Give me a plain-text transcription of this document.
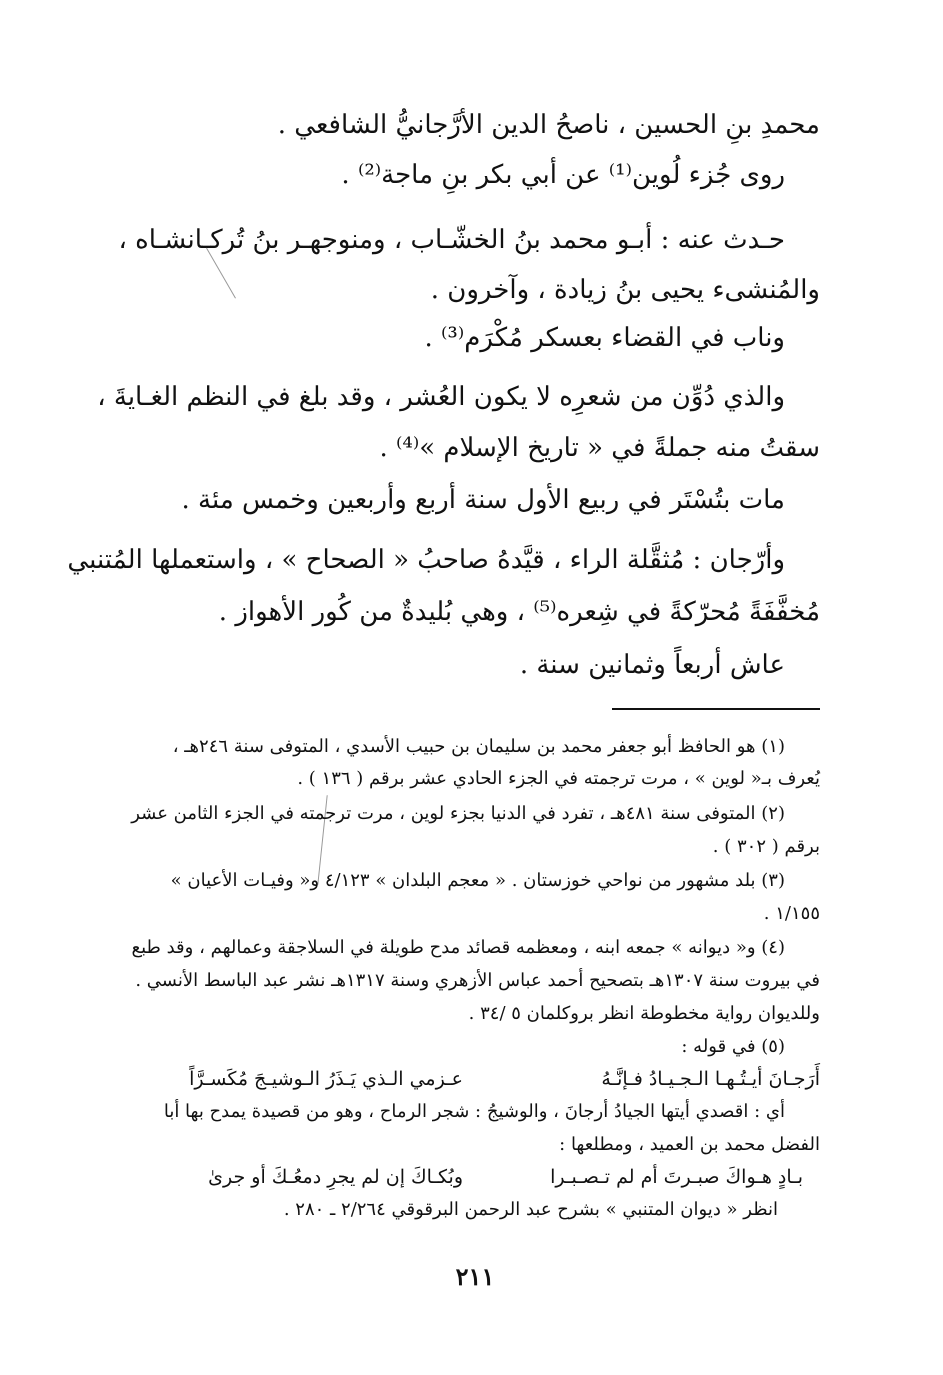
محمدِ بنِ الحسين ، ناصحُ الدين الأرَّجانيُّ الشافعي .
روى جُزء لُوين⁽¹⁾ عن أبي بكر بنِ ماجة⁽²⁾ .
حـدث عنه : أبـو محمد بنُ الخشّـاب ، ومنوجهـر بنُ تُركـانشـاه ،
والمُنشىء يحيى بنُ زيادة ، وآخرون .
وناب في القضاء بعسكر مُكْرَم⁽³⁾ .
والذي دُوِّن من شعرِه لا يكون العُشر ، وقد بلغ في النظم الغـايةَ ،
سقتُ منه جملةً في « تاريخ الإسلام »⁽⁴⁾ .
مات بتُسْتَر في ربيع الأول سنة أربع وأربعين وخمس مئة .
وأرّجان : مُثقَّلة الراء ، قيَّدهُ صاحبُ « الصحاح » ، واستعملها المُتنبي
مُخفَّفَةً مُحرّكةً في شِعره⁽⁵⁾ ، وهي بُليدةٌ من كُور الأهواز .
عاش أربعاً وثمانين سنة .
(١) هو الحافظ أبو جعفر محمد بن سليمان بن حبيب الأسدي ، المتوفى سنة ٢٤٦هـ ،
يُعرف بـ« لوين » ، مرت ترجمته في الجزء الحادي عشر برقم ( ١٣٦ ) .
(٢) المتوفى سنة ٤٨١هـ ، تفرد في الدنيا بجزء لوين ، مرت ترجمته في الجزء الثامن عشر
برقم ( ٣٠٢ ) .
(٣) بلد مشهور من نواحي خوزستان . « معجم البلدان » ٤/١٢٣ و« وفيـات الأعيان »
١/١٥٥ .
(٤) و« ديوانه » جمعه ابنه ، ومعظمه قصائد مدح طويلة في السلاجقة وعمالهم ، وقد طبع
في بيروت سنة ١٣٠٧هـ بتصحيح أحمد عباس الأزهري وسنة ١٣١٧هـ نشر عبد الباسط الأنسي .
وللديوان رواية مخطوطة انظر بروكلمان ٥ /٣٤ .
(٥) في قوله :
أَرَجـانَ أيـتُـهـا الـجـيـادُ فـإنَّـهُ
عـزمي الـذي يَـذَرُ الـوشيـجَ مُكَسـرَّاً
أي : اقصدي أيتها الجيادُ أرجانَ ، والوشيجُ : شجر الرماح ، وهو من قصيدة يمدح بها أبا
الفضل محمد بن العميد ، ومطلعها :
بـادٍ هـواكَ صبـرتَ أم لم تـصـبـرا
وبُكـاكَ إن لم يجرِ دمعُـكَ أو جرىٰ
انظر « ديوان المتنبي » بشرح عبد الرحمن البرقوقي ٢/٢٦٤ ـ ٢٨٠ .
٢١١
